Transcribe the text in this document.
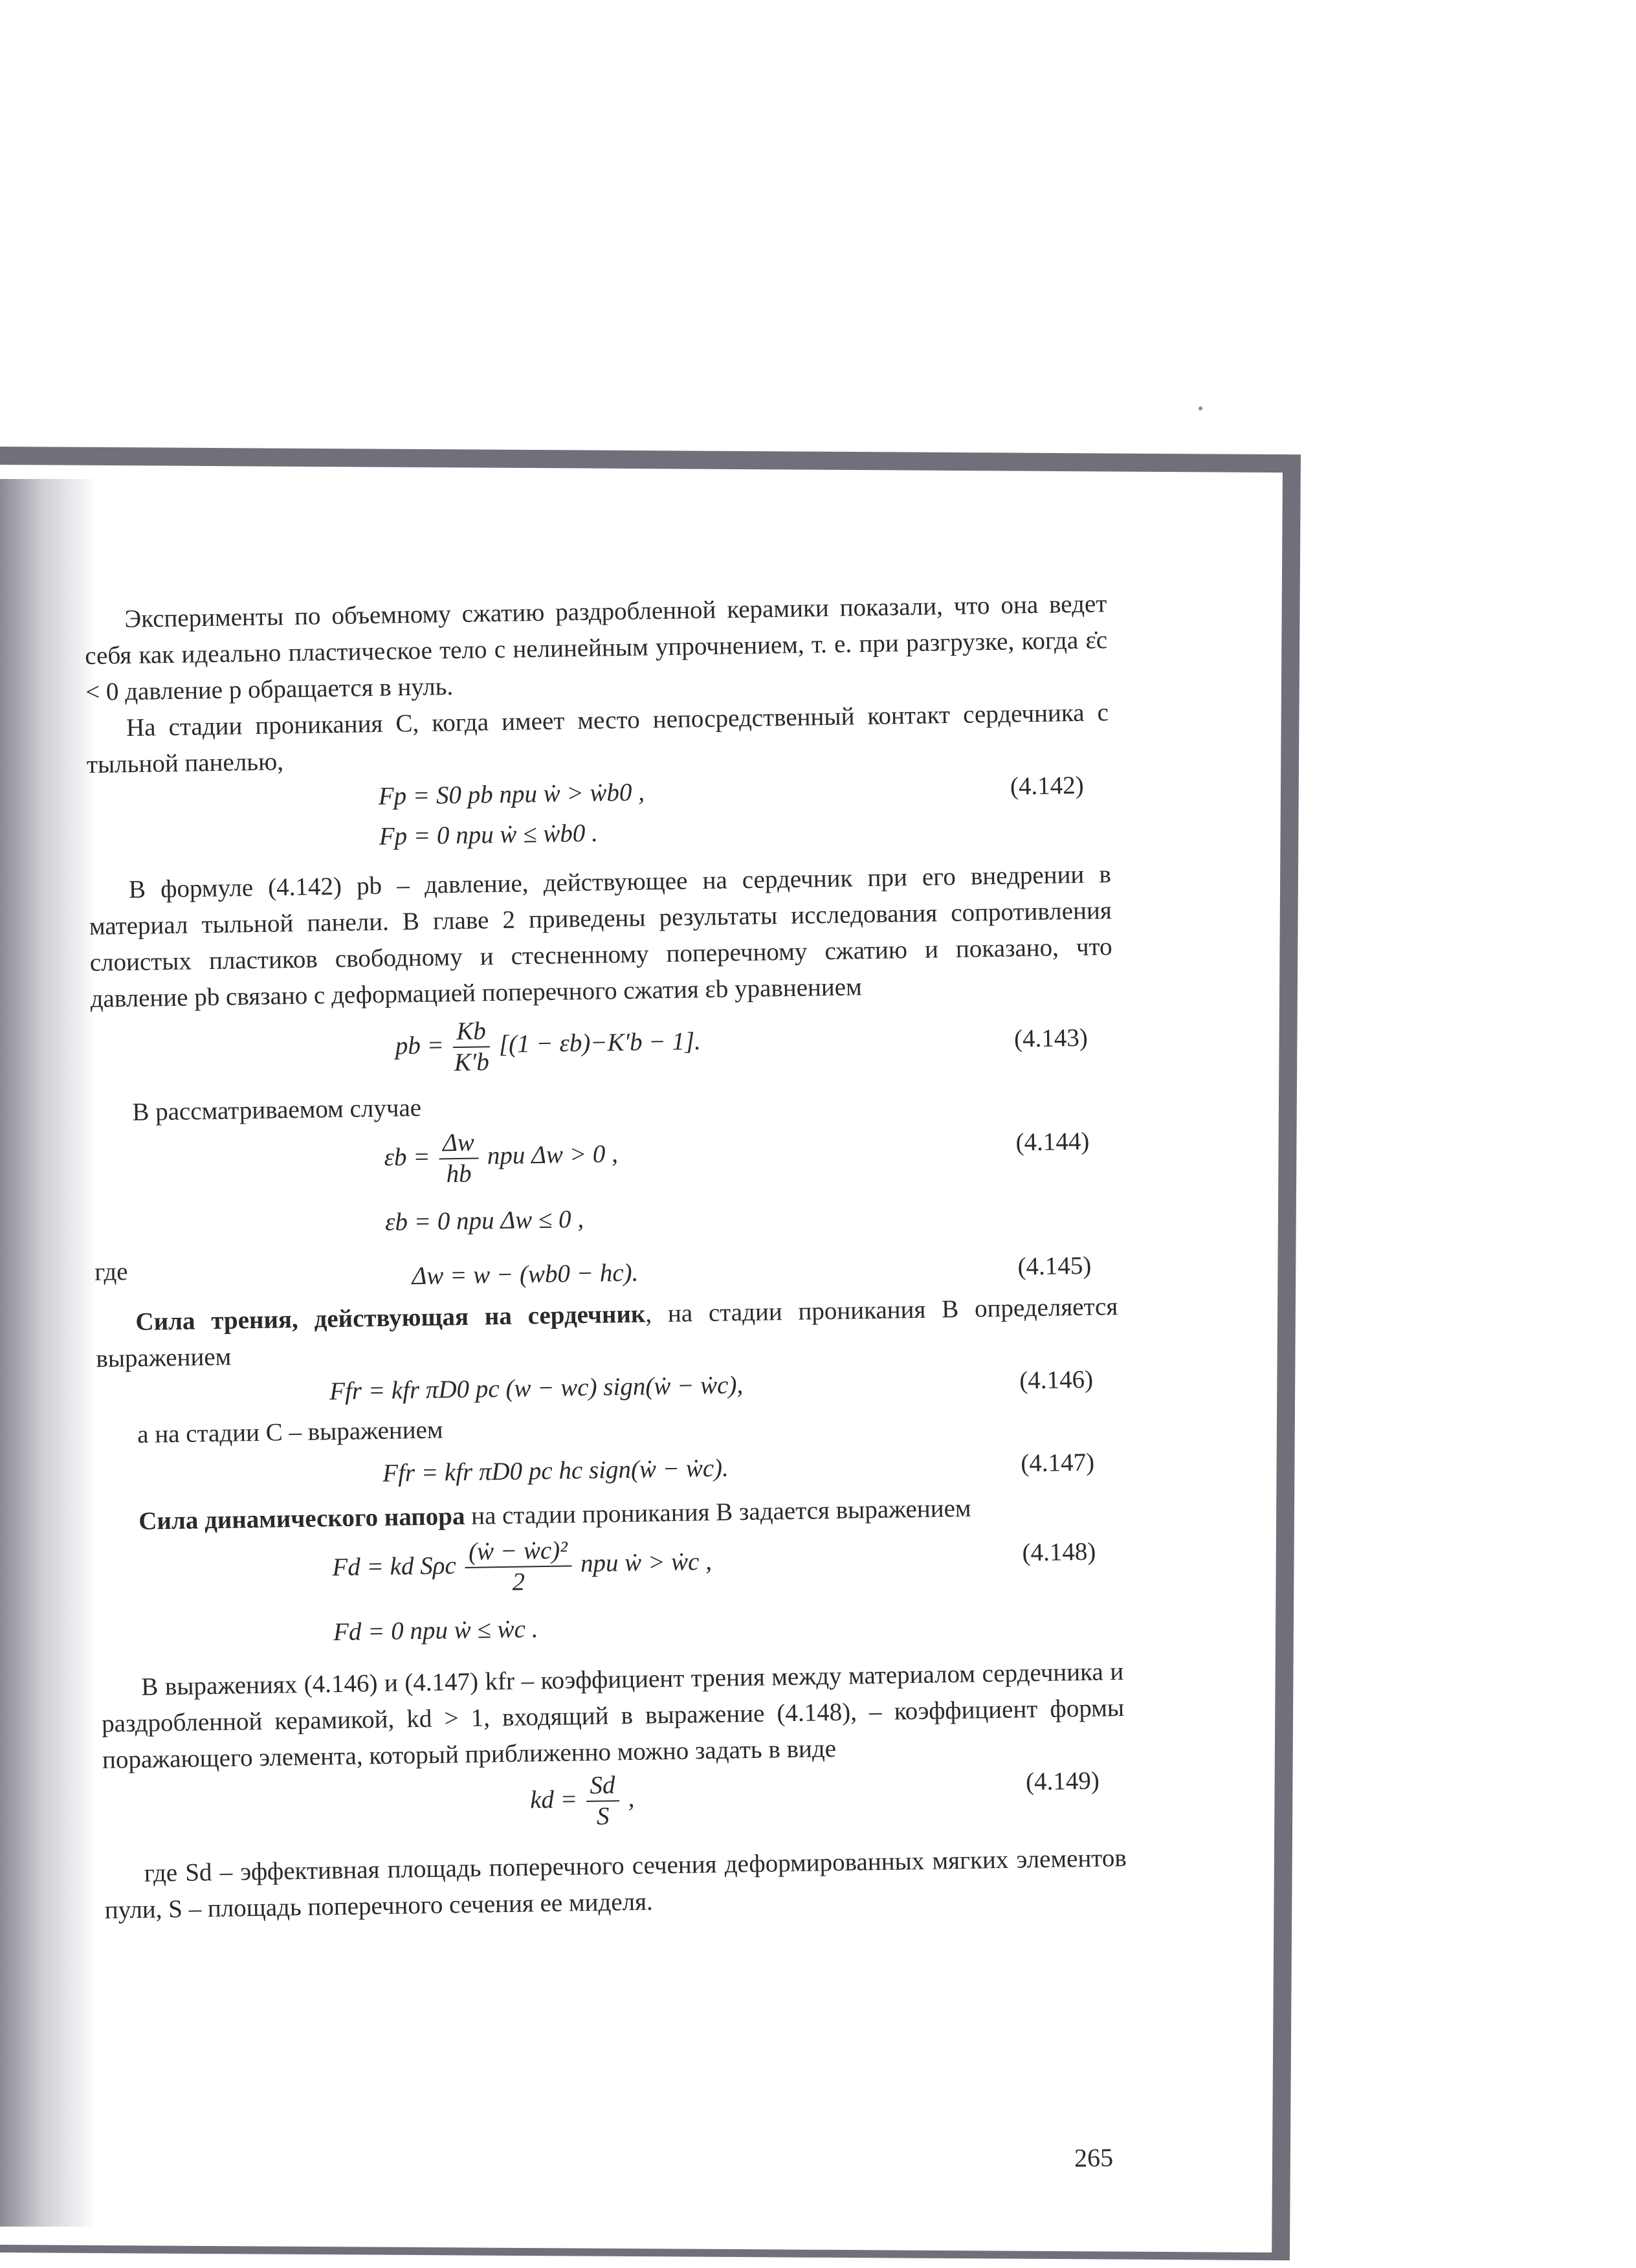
Эксперименты по объемному сжатию раздробленной керамики показали, что она ведет себя как идеально пластическое тело с нелинейным упрочнением, т. е. при разгрузке, когда ε̇c < 0 давление p обращается в нуль.

На стадии проникания C, когда имеет место непосредственный контакт сердечника с тыльной панелью,

Fp = S0 pb при ẇ > ẇb0 ,	(4.142)
Fp = 0 при ẇ ≤ ẇb0 .

В формуле (4.142) pb – давление, действующее на сердечник при его внедрении в материал тыльной панели. В главе 2 приведены результаты исследования сопротивления слоистых пластиков свободному и стесненному поперечному сжатию и показано, что давление pb связано с деформацией поперечного сжатия εb уравнением

pb = $\frac{Kb}{K'b} [(1 - \varepsilon b)-K'b - 1]$.	(4.143)

В рассматриваемом случае

$\varepsilon b = \frac{\Delta w}{hb}$ при Δw > 0 ,	(4.144)
εb = 0 при Δw ≤ 0 ,
где	Δw = w − (wb0 − hc).	(4.145)

Сила трения, действующая на сердечник, на стадии проникания B определяется выражением

Ffr = kfr πD0 pc (w − wc) sign(ẇ − ẇc),	(4.146)

а на стадии C – выражением

Ffr = kfr πD0 pc hc sign(ẇ − ẇc).	(4.147)

Сила динамического напора на стадии проникания B задается выражением

Fd = kd Sρc $\frac{\text{(ẇ − ẇc)²}}{2}$ при ẇ > ẇc ,	(4.148)
Fd = 0 при ẇ ≤ ẇc .

В выражениях (4.146) и (4.147) kfr – коэффициент трения между материалом сердечника и раздробленной керамикой, kd > 1, входящий в выражение (4.148), – коэффициент формы поражающего элемента, который приближенно можно задать в виде

kd = $\frac{Sd}{S}$ ,
(4.149)

где Sd – эффективная площадь поперечного сечения деформированных мягких элементов пули, S – площадь поперечного сечения ее миделя.

265
